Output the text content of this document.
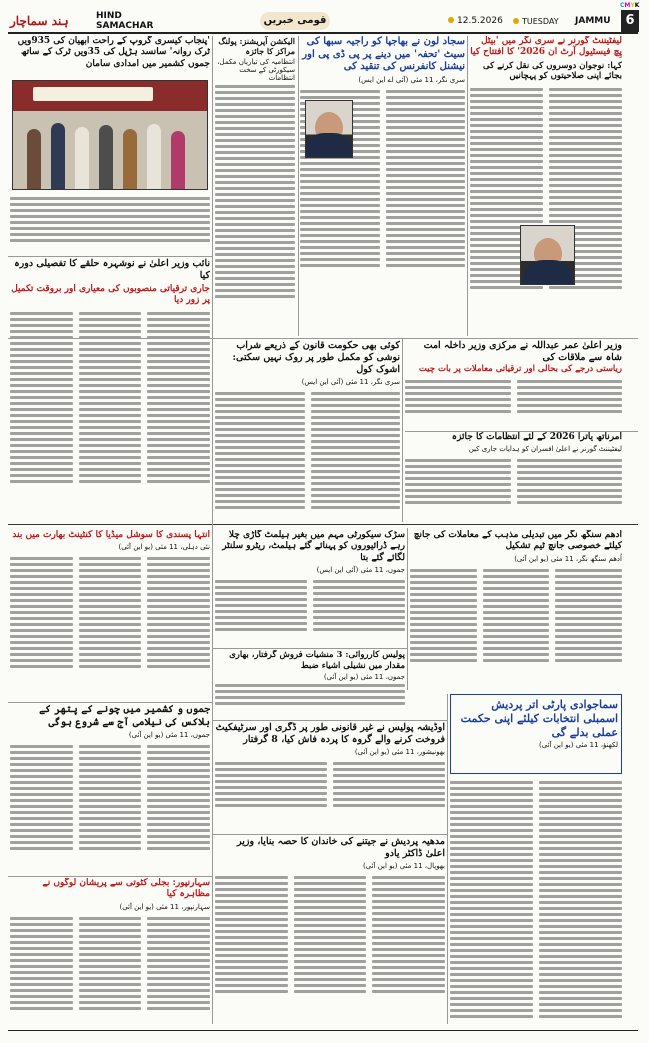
CMYK
ہند سماچار	HIND SAMACHAR	قومی خبریں	12.5.2026	TUESDAY JAMMU	6
لیفٹیننٹ گورنر نے سری نگر میں 'بیٹل پِچ فیسٹیول آرٹ ان 2026' کا افتتاح کیا
کہا: نوجوان دوسروں کی نقل کرنے کی بجائے اپنی صلاحیتوں کو پہچانیں
سجاد لون نے بھاجپا کو راجیہ سبھا کی سیٹ 'تحفہ' میں دینے پر پی ڈی پی اور نیشنل کانفرنس کی تنقید کی
سری نگر، 11 مئی (آئی اے این ایس)
'پنجاب کیسری گروپ کے راحت ابھیان کی 935ویں ٹرک روانہ' سانسد ہڑپل کی 35ویں ٹرک کے ساتھ جموں کشمیر میں امدادی سامان
الیکشن آپریشنز: پولنگ مراکز کا جائزہ
انتظامیہ کی تیاریاں مکمل، سیکورٹی کے سخت انتظامات
نائب وزیر اعلیٰ نے نوشہرہ حلقے کا تفصیلی دورہ کیا
جاری ترقیاتی منصوبوں کی معیاری اور بروقت تکمیل پر زور دیا
کوئی بھی حکومت قانون کے ذریعے شراب نوشی کو مکمل طور پر روک نہیں سکتی: اشوک کول
سری نگر، 11 مئی (آئی این ایس)
وزیر اعلیٰ عمر عبداللہ نے مرکزی وزیر داخلہ امت شاہ سے ملاقات کی
ریاستی درجے کی بحالی اور ترقیاتی معاملات پر بات چیت
امرناتھ یاترا 2026 کے لئے انتظامات کا جائزہ
لیفٹیننٹ گورنر نے اعلیٰ افسران کو ہدایات جاری کیں
سڑک سیکورٹی مہم میں بغیر ہیلمٹ گاڑی چلا رہے ڈرائیوروں کو پہنائے گئے ہیلمٹ، ریٹرو سلنٹر لگائے گئے بتا
جموں، 11 مئی (آئی این ایس)
اُدھم سنگھ نگر میں تبدیلی مذہب کے معاملات کی جانچ کیلئے خصوصی جانچ ٹیم تشکیل
اُدھم سنگھ نگر، 11 مئی (یو این آئی)
انتہا پسندی کا سوشل میڈیا کا کنٹینٹ بھارت میں بند
نئی دہلی، 11 مئی (یو این آئی)
پولیس کارروائی: 3 منشیات فروش گرفتار، بھاری مقدار میں نشیلی اشیاء ضبط
جموں، 11 مئی (یو این آئی)
سماجوادی پارٹی اتر پردیش اسمبلی انتخابات کیلئے اپنی حکمت عملی بدلے گی
لکھنؤ، 11 مئی (یو این آئی)
اوڈیشہ پولیس نے غیر قانونی طور پر ڈگری اور سرٹیفکیٹ فروخت کرنے والے گروہ کا پردہ فاش کیا، 8 گرفتار
بھونیشور، 11 مئی (یو این آئی)
جموں و کشمیر میں چونے کے پتھر کے بلاکس کی نیلامی آج سے شروع ہوگی
جموں، 11 مئی (یو این آئی)
مدھیہ پردیش نے جیتنے کی خاندان کا حصہ بنایا، وزیر اعلیٰ ڈاکٹر یادو
بھوپال، 11 مئی (یو این آئی)
سہارنپور: بجلی کٹوتی سے پریشان لوگوں نے مظاہرہ کیا
سہارنپور، 11 مئی (یو این آئی)
